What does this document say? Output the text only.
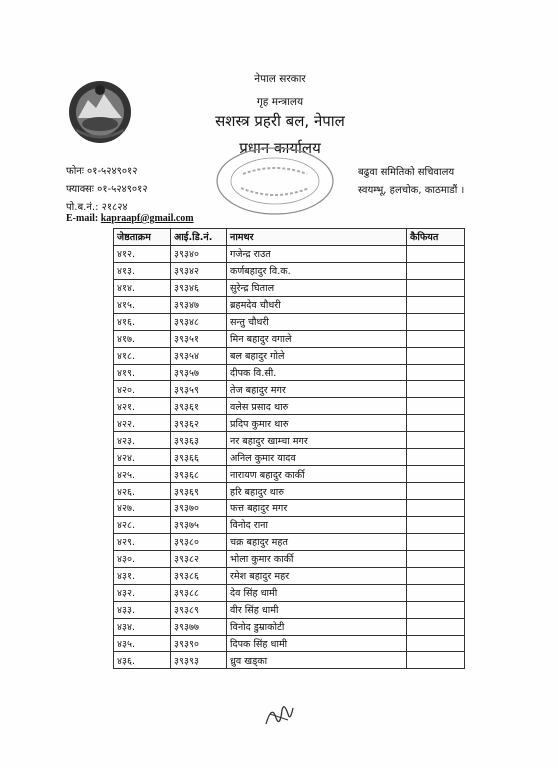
नेपाल सरकार
गृह मन्त्रालय
सशस्त्र प्रहरी बल, नेपाल
प्रधान कार्यालय
फोनः ०१-५२४९०१२
फ्याक्सः ०१-५२४९०१२
पो.ब.नं.: २१८२४
E-mail: kapraapf@gmail.com
बढुवा समितिको सचिवालय
स्वयम्भू, हलचोक, काठमाडौं ।
जेष्ठताक्रम	आई.डि.नं.	नामथर	कैफियत
४१२.	३९३४०	गजेन्द्र राउत	
४१३.	३९३४२	कर्णबहादुर वि.क.	
४१४.	३९३४६	सुरेन्द्र घिताल	
४१५.	३९३४७	ब्रहमदेव चौधरी	
४१६.	३९३४८	सन्तु चौधरी	
४१७.	३९३५१	मिन बहादुर वगाले	
४१८.	३९३५४	बल बहादुर गोले	
४१९.	३९३५७	दीपक वि.सी.	
४२०.	३९३५९	तेज बहादुर मगर	
४२१.	३९३६१	वलेस प्रसाद थारु	
४२२.	३९३६२	प्रदिप कुमार थारु	
४२३.	३९३६३	नर बहादुर खाम्चा मगर	
४२४.	३९३६६	अनिल कुमार यादव	
४२५.	३९३६८	नारायण बहादुर कार्की	
४२६.	३९३६९	हरि बहादुर थारु	
४२७.	३९३७०	फत्त बहादुर मगर	
४२८.	३९३७५	विनोद राना	
४२९.	३९३८०	चक्र बहादुर महत	
४३०.	३९३८२	भोला कुमार कार्की	
४३१.	३९३८६	रमेश बहादुर महर	
४३२.	३९३८८	देव सिंह धामी	
४३३.	३९३८९	वीर सिंह धामी	
४३४.	३९३७७	विनोद डुम्राकोटी	
४३५.	३९३९०	दिपक सिंह धामी	
४३६.	३९३९३	ध्रुव खड्का	
